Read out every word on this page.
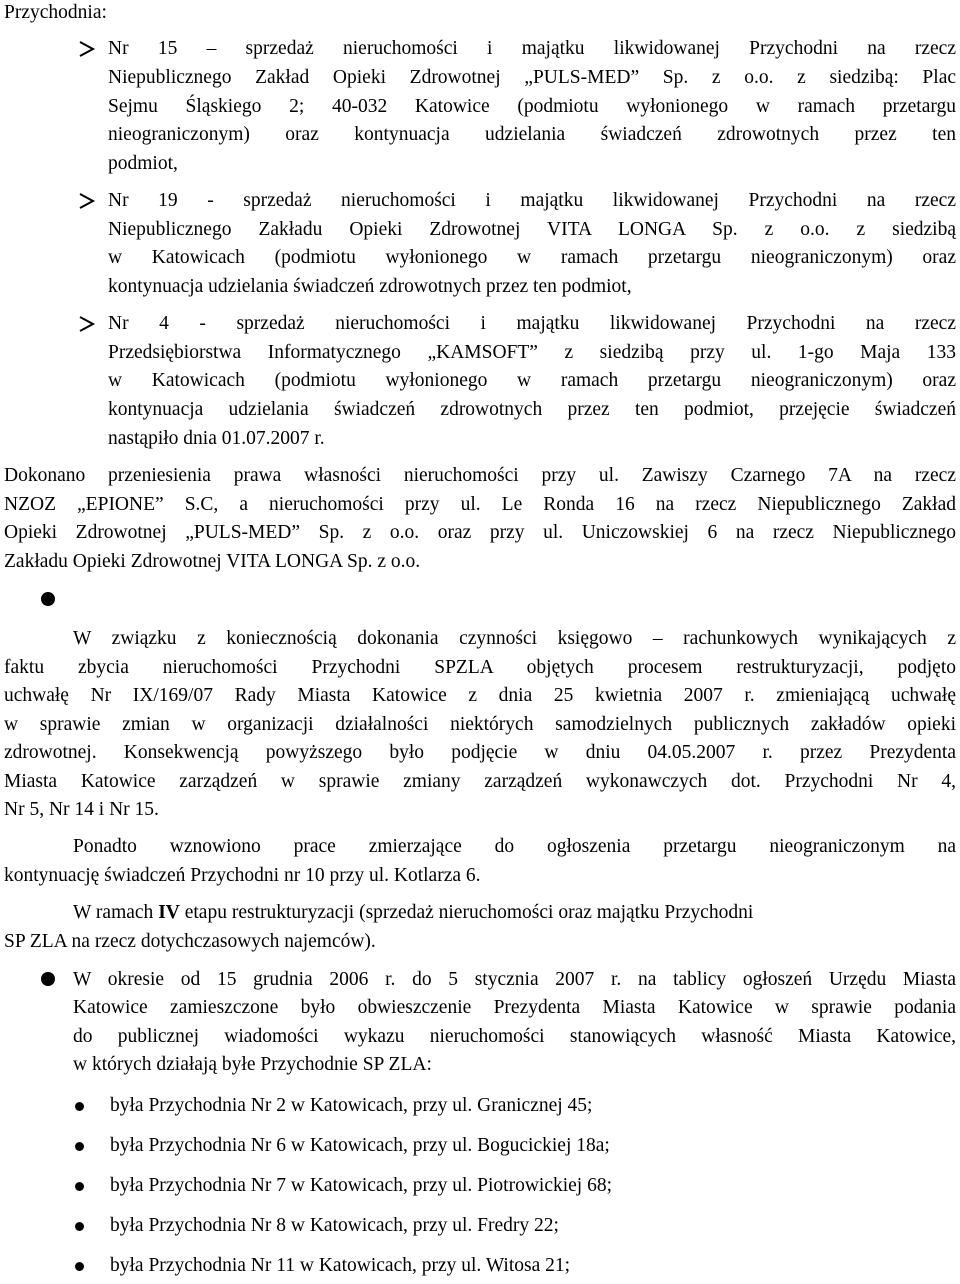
Przychodnia:
Nr 15 – sprzedaż nieruchomości i majątku likwidowanej Przychodni na rzecz
Niepublicznego Zakład Opieki Zdrowotnej „PULS-MED” Sp. z o.o. z siedzibą: Plac
Sejmu Śląskiego 2; 40-032 Katowice (podmiotu wyłonionego w ramach przetargu
nieograniczonym) oraz kontynuacja udzielania świadczeń zdrowotnych przez ten
podmiot,
Nr 19 - sprzedaż nieruchomości i majątku likwidowanej Przychodni na rzecz
Niepublicznego Zakładu Opieki Zdrowotnej VITA LONGA Sp. z o.o. z siedzibą
w Katowicach (podmiotu wyłonionego w ramach przetargu nieograniczonym) oraz
kontynuacja udzielania świadczeń zdrowotnych przez ten podmiot,
Nr 4 - sprzedaż nieruchomości i majątku likwidowanej Przychodni na rzecz
Przedsiębiorstwa Informatycznego „KAMSOFT” z siedzibą przy ul. 1-go Maja 133
w Katowicach (podmiotu wyłonionego w ramach przetargu nieograniczonym) oraz
kontynuacja udzielania świadczeń zdrowotnych przez ten podmiot, przejęcie świadczeń
nastąpiło dnia 01.07.2007 r.
Dokonano przeniesienia prawa własności nieruchomości przy ul. Zawiszy Czarnego 7A na rzecz
NZOZ „EPIONE” S.C, a nieruchomości przy ul. Le Ronda 16 na rzecz Niepublicznego Zakład
Opieki Zdrowotnej „PULS-MED” Sp. z o.o. oraz przy ul. Uniczowskiej 6 na rzecz Niepublicznego
Zakładu Opieki Zdrowotnej VITA LONGA Sp. z o.o.
W związku z koniecznością dokonania czynności księgowo – rachunkowych wynikających z
faktu zbycia nieruchomości Przychodni SPZLA objętych procesem restrukturyzacji, podjęto
uchwałę Nr IX/169/07 Rady Miasta Katowice z dnia 25 kwietnia 2007 r. zmieniającą uchwałę
w sprawie zmian w organizacji działalności niektórych samodzielnych publicznych zakładów opieki
zdrowotnej. Konsekwencją powyższego było podjęcie w dniu 04.05.2007 r. przez Prezydenta
Miasta Katowice zarządzeń w sprawie zmiany zarządzeń wykonawczych dot. Przychodni Nr 4,
Nr 5, Nr 14 i Nr 15.
Ponadto wznowiono prace zmierzające do ogłoszenia przetargu nieograniczonym na
kontynuację świadczeń Przychodni nr 10 przy ul. Kotlarza 6.
W ramach IV etapu restrukturyzacji (sprzedaż nieruchomości oraz majątku Przychodni
SP ZLA na rzecz dotychczasowych najemców).
W okresie od 15 grudnia 2006 r. do 5 stycznia 2007 r. na tablicy ogłoszeń Urzędu Miasta
Katowice zamieszczone było obwieszczenie Prezydenta Miasta Katowice w sprawie podania
do publicznej wiadomości wykazu nieruchomości stanowiących własność Miasta Katowice,
w których działają byłe Przychodnie SP ZLA:
była Przychodnia Nr 2 w Katowicach, przy ul. Granicznej 45;
była Przychodnia Nr 6 w Katowicach, przy ul. Bogucickiej 18a;
była Przychodnia Nr 7 w Katowicach, przy ul. Piotrowickiej 68;
była Przychodnia Nr 8 w Katowicach, przy ul. Fredry 22;
była Przychodnia Nr 11 w Katowicach, przy ul. Witosa 21;
